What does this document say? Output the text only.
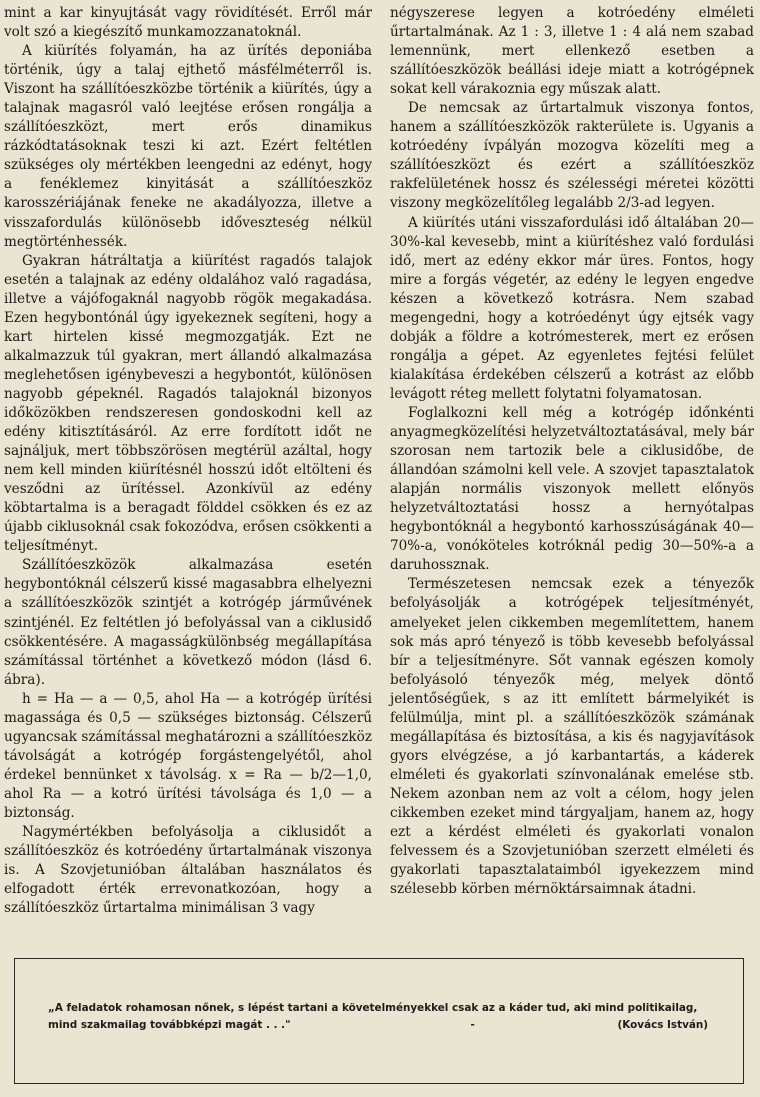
mint a kar kinyujtását vagy rövidítését. Erről már volt szó a kiegészítő munkamozzanatoknál.

A kiürítés folyamán, ha az ürítés deponiába történik, úgy a talaj ejthető másfélméterről is. Viszont ha szállítóeszközbe történik a kiürítés, úgy a talajnak magasról való leejtése erősen rongálja a szállítóeszközt, mert erős dinamikus rázkódtatásoknak teszi ki azt. Ezért feltétlen szükséges oly mértékben leengedni az edényt, hogy a fenéklemez kinyitását a szállítóeszköz karosszériájának feneke ne akadályozza, illetve a visszafordulás különösebb időveszteség nélkül megtörténhessék.

Gyakran hátráltatja a kiürítést ragadós talajok esetén a talajnak az edény oldalához való ragadása, illetve a vájófogaknál nagyobb rögök megakadása. Ezen hegybontónál úgy igyekeznek segíteni, hogy a kart hirtelen kissé megmozgatják. Ezt ne alkalmazzuk túl gyakran, mert állandó alkalmazása meglehetősen igénybeveszi a hegybontót, különösen nagyobb gépeknél. Ragadós talajoknál bizonyos időközökben rendszeresen gondoskodni kell az edény kitisztításáról. Az erre fordított időt ne sajnáljuk, mert többszörösen megtérül azáltal, hogy nem kell minden kiürítésnél hosszú időt eltölteni és vesződni az ürítéssel. Azonkívül az edény köbtartalma is a beragadt földdel csökken és ez az újabb ciklusoknál csak fokozódva, erősen csökkenti a teljesítményt.

Szállítóeszközök alkalmazása esetén hegybontóknál célszerű kissé magasabbra elhelyezni a szállítóeszközök szintjét a kotrógép járművének szintjénél. Ez feltétlen jó befolyással van a ciklusidő csökkentésére. A magasságkülönbség megállapítása számítással történhet a következő módon (lásd 6. ábra).

h = Ha — a — 0,5, ahol Ha — a kotrógép ürítési magassága és 0,5 — szükséges biztonság. Célszerű ugyancsak számítással meghatározni a szállítóeszköz távolságát a kotrógép forgástengelyétől, ahol érdekel bennünket x távolság. x = Ra — b/2—1,0, ahol Ra — a kotró ürítési távolsága és 1,0 — a biztonság.

Nagymértékben befolyásolja a ciklusidőt a szállítóeszköz és kotróedény űrtartalmának viszonya is. A Szovjetunióban általában használatos és elfogadott érték errevonatkozóan, hogy a szállítóeszköz űrtartalma minimálisan 3 vagy

négyszerese legyen a kotróedény elméleti űrtartalmának. Az 1 : 3, illetve 1 : 4 alá nem szabad lemennünk, mert ellenkező esetben a szállítóeszközök beállási ideje miatt a kotrógépnek sokat kell várakoznia egy műszak alatt.

De nemcsak az űrtartalmuk viszonya fontos, hanem a szállítóeszközök rakterülete is. Ugyanis a kotróedény ívpályán mozogva közelíti meg a szállítóeszközt és ezért a szállítóeszköz rakfelületének hossz és szélességi méretei közötti viszony megközelítőleg legalább 2/3-ad legyen.

A kiürítés utáni visszafordulási idő általában 20—30%-kal kevesebb, mint a kiürítéshez való fordulási idő, mert az edény ekkor már üres. Fontos, hogy mire a forgás végetér, az edény le legyen engedve készen a következő kotrásra. Nem szabad megengedni, hogy a kotróedényt úgy ejtsék vagy dobják a földre a kotrómesterek, mert ez erősen rongálja a gépet. Az egyenletes fejtési felület kialakítása érdekében célszerű a kotrást az előbb levágott réteg mellett folytatni folyamatosan.

Foglalkozni kell még a kotrógép időnkénti anyagmegközelítési helyzetváltoztatásával, mely bár szorosan nem tartozik bele a ciklusidőbe, de állandóan számolni kell vele. A szovjet tapasztalatok alapján normális viszonyok mellett előnyös helyzetváltoztatási hossz a hernyótalpas hegybontóknál a hegybontó karhosszúságának 40—70%-a, vonóköteles kotróknál pedig 30—50%-a a daruhossznak.

Természetesen nemcsak ezek a tényezők befolyásolják a kotrógépek teljesítményét, amelyeket jelen cikkemben megemlítettem, hanem sok más apró tényező is több kevesebb befolyással bír a teljesítményre. Sőt vannak egészen komoly befolyásoló tényezők még, melyek döntő jelentőségűek, s az itt említett bármelyikét is felülmúlja, mint pl. a szállítóeszközök számának megállapítása és biztosítása, a kis és nagyjavítások gyors elvégzése, a jó karbantartás, a káderek elméleti és gyakorlati színvonalának emelése stb. Nekem azonban nem az volt a célom, hogy jelen cikkemben ezeket mind tárgyaljam, hanem az, hogy ezt a kérdést elméleti és gyakorlati vonalon felvessem és a Szovjetunióban szerzett elméleti és gyakorlati tapasztalataimból igyekezzem mind szélesebb körben mérnöktársaimnak átadni.

„A feladatok rohamosan nőnek, s lépést tartani a követelményekkel csak az a káder tud, aki mind politikailag,
mind szakmailag továbbképzi magát . . ."	-	(Kovács István)
